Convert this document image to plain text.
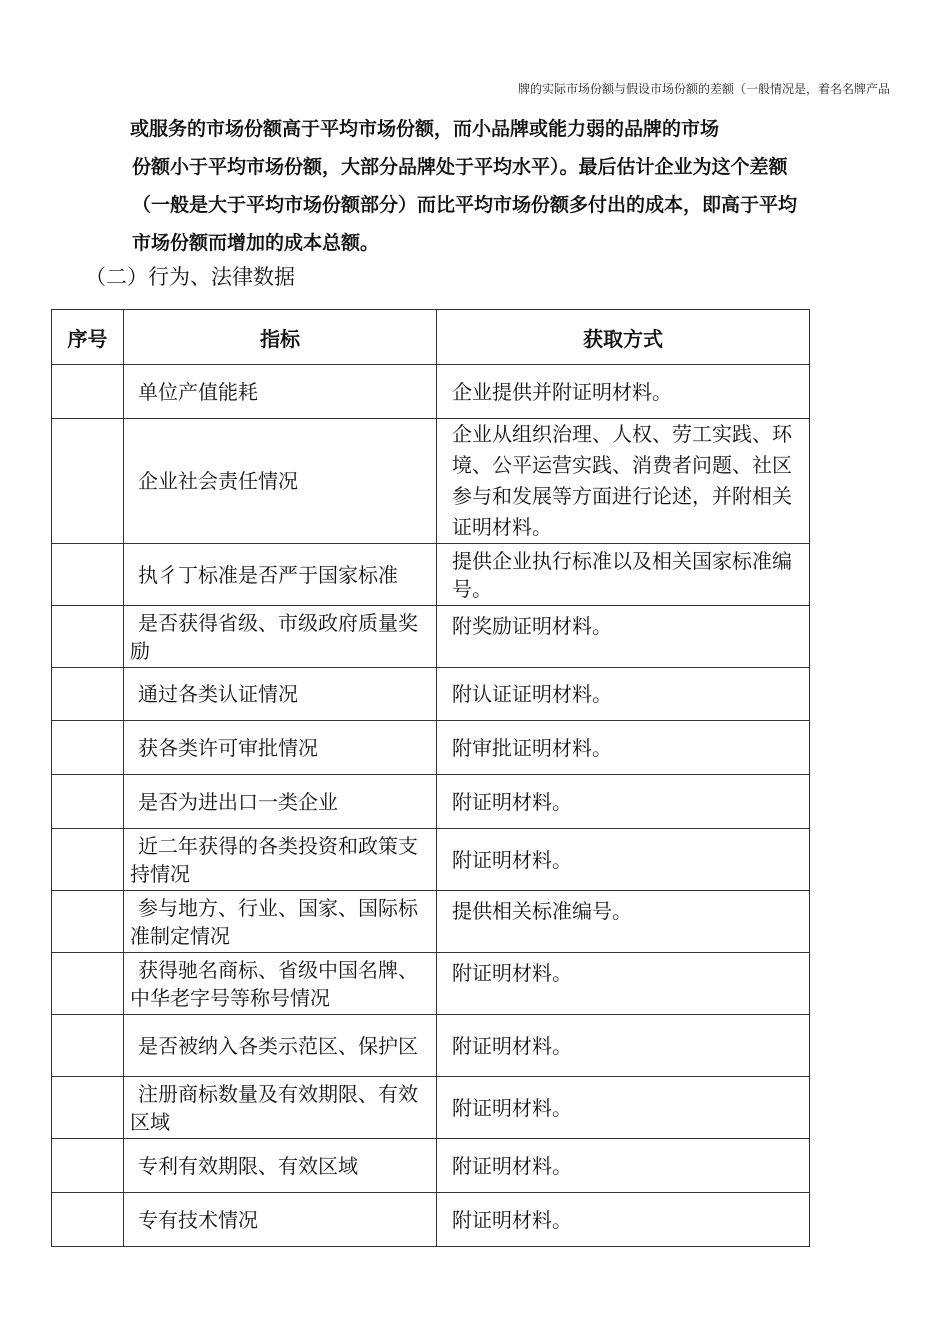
牌的实际市场份额与假设市场份额的差额（一般情况是，着名名牌产品
或服务的市场份额高于平均市场份额，而小品牌或能力弱的品牌的市场
份额小于平均市场份额，大部分品牌处于平均水平）。最后估计企业为这个差额
（一般是大于平均市场份额部分）而比平均市场份额多付出的成本，即高于平均
市场份额而增加的成本总额。
（二）行为、法律数据
序号	指标	获取方式

	单位产值能耗	企业提供并附证明材料。

	企业社会责任情况	企业从组织治理、人权、劳工实践、环境、公平运营实践、消费者问题、社区参与和发展等方面进行论述，并附相关证明材料。

	执彳丁标准是否严于国家标准	提供企业执行标准以及相关国家标准编号。

	是否获得省级、市级政府质量奖励	附奖励证明材料。

	通过各类认证情况	附认证证明材料。

	获各类许可审批情况	附审批证明材料。

	是否为进出口一类企业	附证明材料。

	近二年获得的各类投资和政策支持情况	附证明材料。

	参与地方、行业、国家、国际标准制定情况	提供相关标准编号。

	获得驰名商标、省级中国名牌、中华老字号等称号情况	附证明材料。

	是否被纳入各类示范区、保护区	附证明材料。

	注册商标数量及有效期限、有效区域	附证明材料。

	专利有效期限、有效区域	附证明材料。

	专有技术情况	附证明材料。
